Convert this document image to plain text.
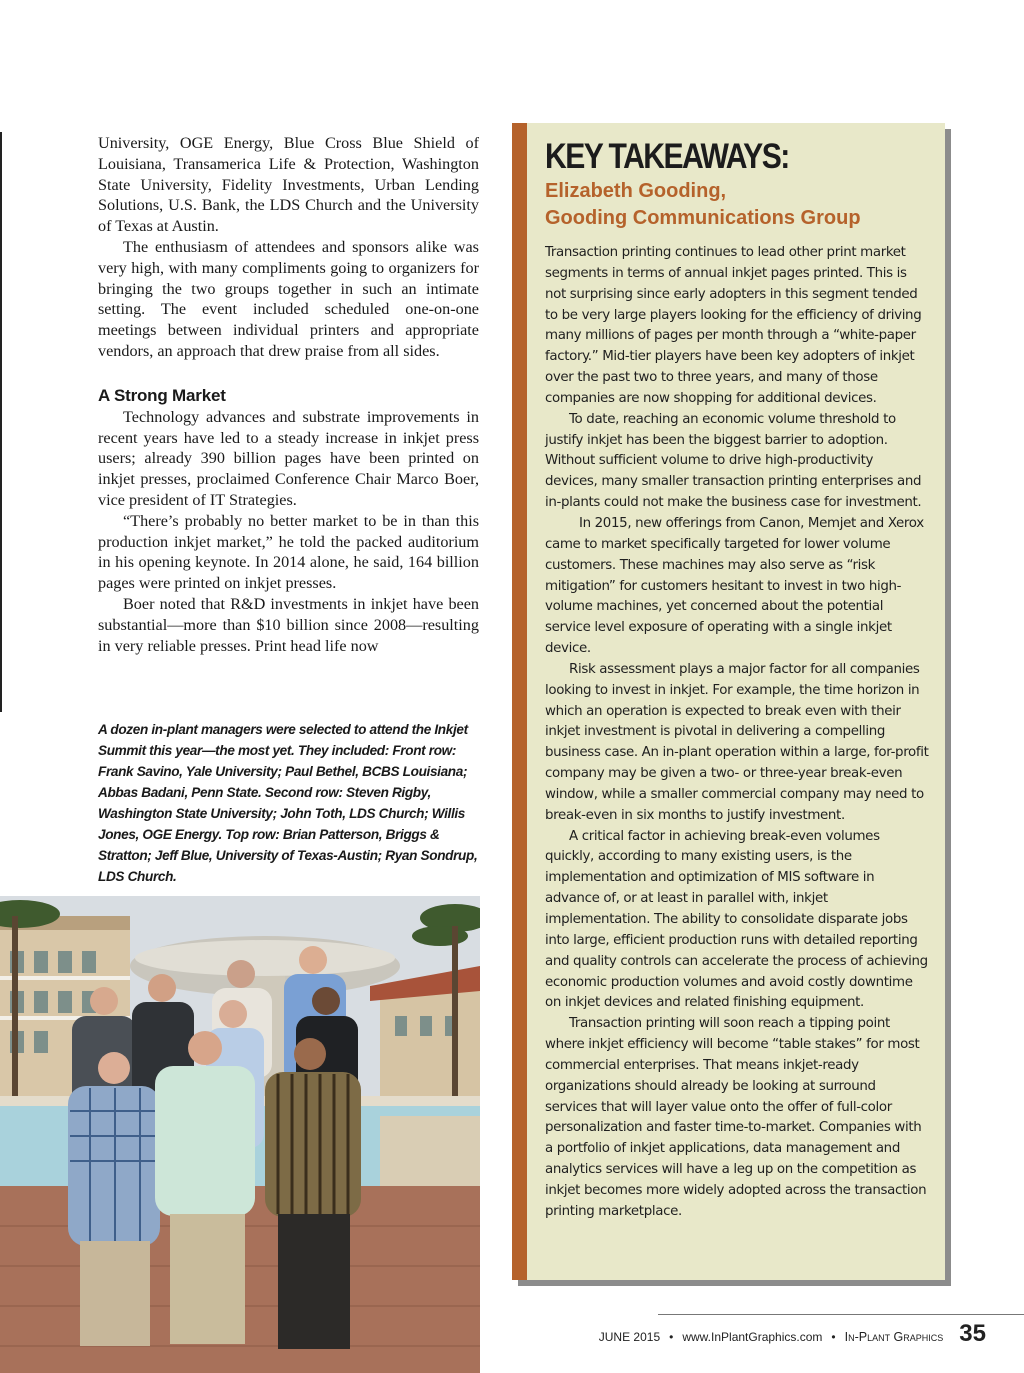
University, OGE Energy, Blue Cross Blue Shield of Louisiana, Transamerica Life & Protection, Washington State University, Fidelity Investments, Urban Lending Solutions, U.S. Bank, the LDS Church and the University of Texas at Austin.

The enthusiasm of attendees and sponsors alike was very high, with many compliments going to organizers for bringing the two groups together in such an intimate setting. The event included scheduled one-on-one meetings between individual printers and appropriate vendors, an approach that drew praise from all sides.

A Strong Market

Technology advances and substrate improvements in recent years have led to a steady increase in inkjet press users; already 390 billion pages have been printed on inkjet presses, proclaimed Conference Chair Marco Boer, vice president of IT Strategies.

“There’s probably no better market to be in than this production inkjet market,” he told the packed auditorium in his opening keynote. In 2014 alone, he said, 164 billion pages were printed on inkjet presses.

Boer noted that R&D investments in inkjet have been substantial—more than $10 billion since 2008—resulting in very reliable presses. Print head life now

A dozen in-plant managers were selected to attend the Inkjet Summit this year—the most yet. They included: Front row: Frank Savino, Yale University; Paul Bethel, BCBS Louisiana; Abbas Badani, Penn State. Second row: Steven Rigby, Washington State University; John Toth, LDS Church; Willis Jones, OGE Energy. Top row: Brian Patterson, Briggs & Stratton; Jeff Blue, University of Texas-Austin; Ryan Sondrup, LDS Church.
KEY TAKEAWAYS:
Elizabeth Gooding,
Gooding Communications Group

Transaction printing continues to lead other print market segments in terms of annual inkjet pages printed. This is not surprising since early adopters in this segment tended to be very large players looking for the efficiency of driving many millions of pages per month through a “white-paper factory.” Mid-tier players have been key adopters of inkjet over the past two to three years, and many of those companies are now shopping for additional devices.

To date, reaching an economic volume threshold to justify inkjet has been the biggest barrier to adoption. Without sufficient volume to drive high-productivity devices, many smaller transaction printing enterprises and in-plants could not make the business case for investment.

In 2015, new offerings from Canon, Memjet and Xerox came to market specifically targeted for lower volume customers. These machines may also serve as “risk mitigation” for customers hesitant to invest in two high-volume machines, yet concerned about the potential service level exposure of operating with a single inkjet device.

Risk assessment plays a major factor for all companies looking to invest in inkjet. For example, the time horizon in which an operation is expected to break even with their inkjet investment is pivotal in delivering a compelling business case. An in-plant operation within a large, for-profit company may be given a two- or three-year break-even window, while a smaller commercial company may need to break-even in six months to justify investment.

A critical factor in achieving break-even volumes quickly, according to many existing users, is the implementation and optimization of MIS software in advance of, or at least in parallel with, inkjet implementation. The ability to consolidate disparate jobs into large, efficient production runs with detailed reporting and quality controls can accelerate the process of achieving economic production volumes and avoid costly downtime on inkjet devices and related finishing equipment.

Transaction printing will soon reach a tipping point where inkjet efficiency will become “table stakes” for most commercial enterprises. That means inkjet-ready organizations should already be looking at surround services that will layer value onto the offer of full-color personalization and faster time-to-market. Companies with a portfolio of inkjet applications, data management and analytics services will have a leg up on the competition as inkjet becomes more widely adopted across the transaction printing marketplace.

JUNE 2015 • www.InPlantGraphics.com • In-Plant Graphics 35
